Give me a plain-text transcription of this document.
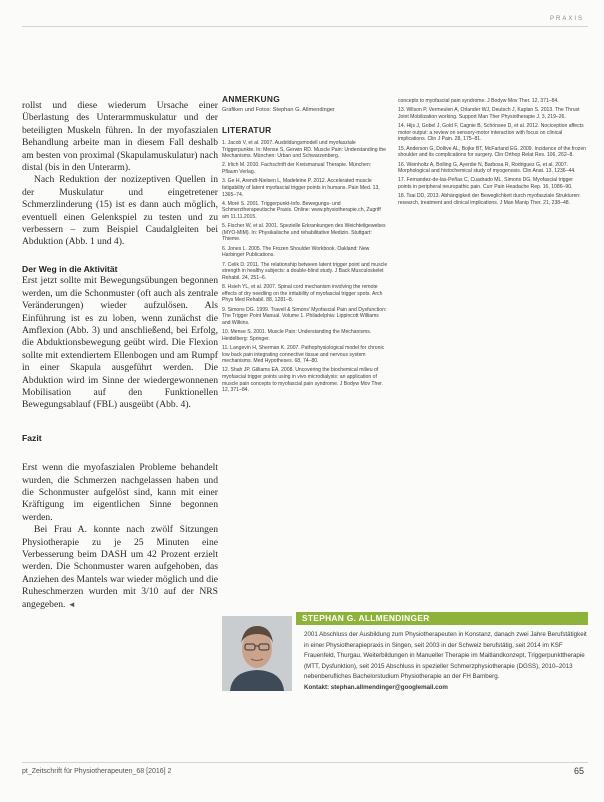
PRAXIS

rollst und diese wiederum Ursache einer Überlastung des Unterarmmuskulatur und der beteiligten Muskeln führen. In der myofaszialen Behandlung arbeite man in diesem Fall deshalb am besten von proximal (Skapulamuskulatur) nach distal (bis in den Unterarm).

Nach Reduktion der nozizeptiven Quellen in der Muskulatur und eingetretener Schmerzlinderung (15) ist es dann auch möglich, eventuell einen Gelenkspiel zu testen und zu verbessern – zum Beispiel Caudalgleiten bei Abduktion (Abb. 1 und 4).

Der Weg in die Aktivität

Erst jetzt sollte mit Bewegungsübungen begonnen werden, um die Schonmuster (oft auch als zentrale Veränderungen) wieder aufzulösen. Als Einführung ist es zu loben, wenn zunächst die Amflexion (Abb. 3) und anschließend, bei Erfolg, die Abduktionsbewegung geübt wird. Die Flexion sollte mit extendiertem Ellenbogen und am Rumpf in einer Skapula ausgeführt werden. Die Abduktion wird im Sinne der wiedergewonnenen Mobilisation auf den Funktionellen Bewegungsablauf (FBL) ausgeübt (Abb. 4).

Fazit

Erst wenn die myofaszialen Probleme behandelt wurden, die Schmerzen nachgelassen haben und die Schonmuster aufgelöst sind, kann mit einer Kräftigung im eigentlichen Sinne begonnen werden.

Bei Frau A. konnte nach zwölf Sitzungen Physiotherapie zu je 25 Minuten eine Verbesserung beim DASH um 42 Prozent erzielt werden. Die Schonmuster waren aufgehoben, das Anziehen des Mantels war wieder möglich und die Ruheschmerzen wurden mit 3/10 auf der NRS angegeben. ◄

ANMERKUNG
Grafiken und Fotos: Stephan G. Allmendinger
LITERATUR
1. Jacob V, et al. 2007. Ausbildungsmodell und myofasziale Triggerpunkte. In: Mense S, Gerwin RD. Muscle Pain: Understanding the Mechanisms. München: Urban und Schwarzenberg.
2. Irlich M. 2010. Fachschrift der Kreismanual Therapie. München: Pflaum Verlag.
3. Ge H, Arendt-Nielsen L, Madeleine P. 2012. Accelerated muscle fatigability of latent myofascial trigger points in humans. Pain Med. 13, 1365–74.
4. Moré S. 2001. Triggerpunkt-Info. Bewegungs- und Schmerztherapeutische Praxis. Online: www.physiotherapie.ch, Zugriff am 11.11.2015.
5. Fischer W, et al. 2001. Spezielle Erkrankungen des Weichteilgewebes (MYO-MIM). In: Physikalische und rehabilitative Medizin. Stuttgart: Thieme.
6. Jones L. 2005. The Frozen Shoulder Workbook. Oakland: New Harbinger Publications.
7. Celik D. 2011. The relationship between latent trigger point and muscle strength in healthy subjects: a double-blind study. J Back Musculoskelet Rehabil. 24, 251–6.
8. Hsieh YL, et al. 2007. Spinal cord mechanism involving the remote effects of dry needling on the irritability of myofascial trigger spots. Arch Phys Med Rehabil. 88, 1281–8.
9. Simons DG. 1999. Travell & Simons' Myofascial Pain and Dysfunction: The Trigger Point Manual. Volume 1. Philadelphia: Lippincott Williams and Wilkins.
10. Mense S. 2001. Muscle Pain: Understanding the Mechanisms. Heidelberg: Springer.
11. Langevin H, Sherman K. 2007. Pathophysiological model for chronic low back pain integrating connective tissue and nervous system mechanisms. Med Hypotheses. 68, 74–80.
12. Shah JP, Gilliams EA. 2008. Uncovering the biochemical milieu of myofascial trigger points using in vivo microdialysis: an application of muscle pain concepts to myofascial pain syndrome. J Bodyw Mov Ther. 12, 371–84.
concepts to myofascial pain syndrome. J Bodyw Mov Ther. 12, 371–84.
13. Wilson P, Vermeulen A, Orlander WJ, Deutsch J, Kaplan S. 2013. The Thrust Joint Mobilization working. Support Man Ther Physiotherapie J. 3, 219–26.
14. Hijs J, Gobel J, Gold F, Cagnie B, Schönsee D, et al. 2012. Nociception affects motor output: a review on sensory-motor interaction with focus on clinical implications. Clin J Pain. 28, 175–81.
15. Anderson G, Dollive AL, Bojke BT, McFarland EG. 2009. Incidence of the frozen shoulder and its complications for surgery. Clin Orthop Relat Res. 106, 262–8.
16. Weinholtz A, Bolling G, Ayerdie N, Barbosa R, Rodriguez G, et al. 2007. Morphological and histochemical study of myogenosis. Clin Anat. 13, 1236–44.
17. Fernandez-de-las-Peñas C, Cuadrado ML, Simons DG. Myofascial trigger points in peripheral neuropathic pain. Curr Pain Headache Rep. 16, 1086–90.
18. Tsai DD, 2013. Abhängigkeit der Beweglichkeit durch myofasziale Strukturen: research, treatment and clinical implications. J Man Manip Ther. 21, 238–48.
STEPHAN G. ALLMENDINGER

2001 Abschluss der Ausbildung zum Physiotherapeuten in Konstanz, danach zwei Jahre Berufstätigkeit in einer Physiotherapiepraxis in Singen, seit 2003 in der Schweiz berufstätig, seit 2014 im KSF Frauenfeld, Thurgau. Weiterbildungen in Manueller Therapie im Maitlandkonzept, Triggerpunkttherapie (MTT, Dysfunktion), seit 2015 Abschluss in spezieller Schmerzphysiotherapie (DGSS), 2010–2013 nebenberufliches Bachelorstudium Physiotherapie an der FH Bamberg.

Kontakt: stephan.allmendinger@googlemail.com

pt_Zeitschrift für Physiotherapeuten_68 [2016] 2	65
